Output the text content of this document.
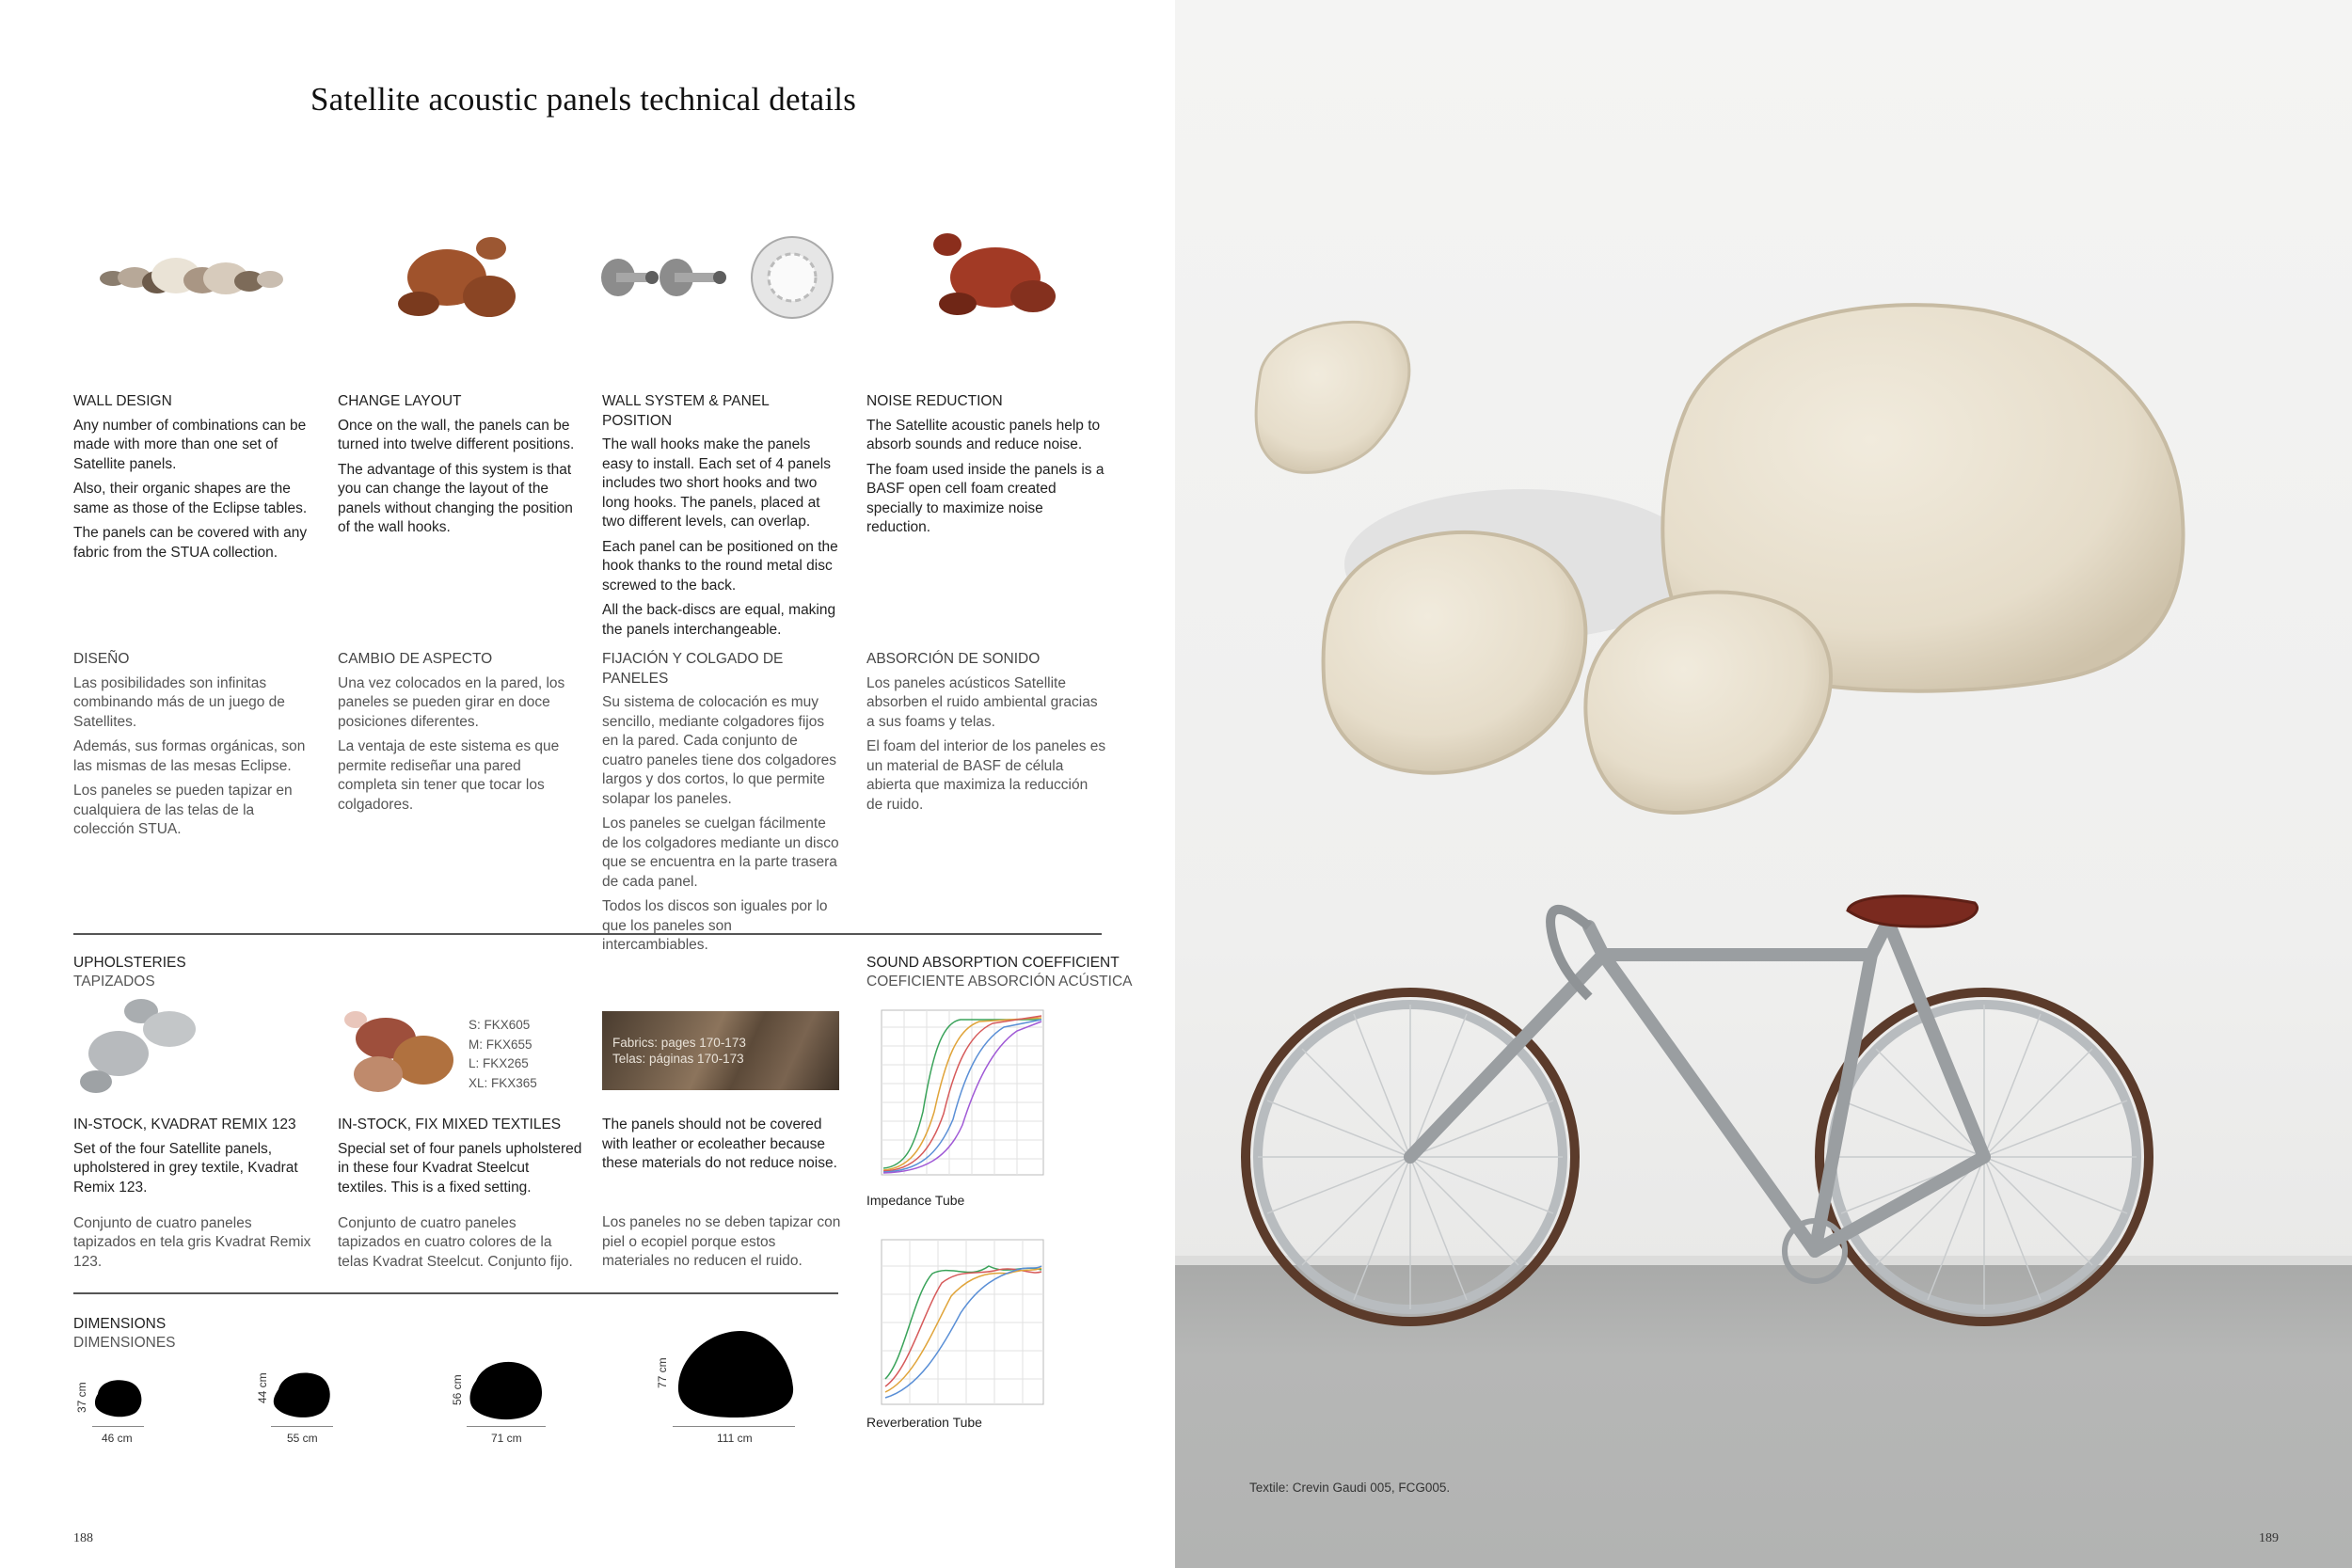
Satellite acoustic panels technical details
WALL DESIGN

Any number of combinations can be made with more than one set of Satellite panels.

Also, their organic shapes are the same as those of the Eclipse tables.

The panels can be covered with any fabric from the STUA collection.

CHANGE LAYOUT

Once on the wall, the panels can be turned into twelve different positions.

The advantage of this system is that you can change the layout of the panels without changing the position of the wall hooks.

WALL SYSTEM & PANEL POSITION

The wall hooks make the panels easy to install. Each set of 4 panels includes two short hooks and two long hooks. The panels, placed at two different levels, can overlap.

Each panel can be positioned on the hook thanks to the round metal disc screwed to the back.

All the back-discs are equal, making the panels interchangeable.

NOISE REDUCTION

The Satellite acoustic panels help to absorb sounds and reduce noise.

The foam used inside the panels is a BASF open cell foam created specially to maximize noise reduction.

DISEÑO

Las posibilidades son infinitas combinando más de un juego de Satellites.

Además, sus formas orgánicas, son las mismas de las mesas Eclipse.

Los paneles se pueden tapizar en cualquiera de las telas de la colección STUA.

CAMBIO DE ASPECTO

Una vez colocados en la pared, los paneles se pueden girar en doce posiciones diferentes.

La ventaja de este sistema es que permite rediseñar una pared completa sin tener que tocar los colgadores.

FIJACIÓN Y COLGADO DE PANELES

Su sistema de colocación es muy sencillo, mediante colgadores fijos en la pared. Cada conjunto de cuatro paneles tiene dos colgadores largos y dos cortos, lo que permite solapar los paneles.

Los paneles se cuelgan fácilmente de los colgadores mediante un disco que se encuentra en la parte trasera de cada panel.

Todos los discos son iguales por lo que los paneles son intercambiables.

ABSORCIÓN DE SONIDO

Los paneles acústicos Satellite absorben el ruido ambiental gracias a sus foams y telas.

El foam del interior de los paneles es un material de BASF de célula abierta que maximiza la reducción de ruido.

UPHOLSTERIES
TAPIZADOS
S: FKX605
M: FKX655
L: FKX265
XL: FKX365
Fabrics: pages 170-173
Telas: páginas 170-173
IN-STOCK, KVADRAT REMIX 123
Set of the four Satellite panels, upholstered in grey textile, Kvadrat Remix 123.
Conjunto de cuatro paneles tapizados en tela gris Kvadrat Remix 123.
IN-STOCK, FIX MIXED TEXTILES
Special set of four panels upholstered in these four Kvadrat Steelcut textiles. This is a fixed setting.
Conjunto de cuatro paneles tapizados en cuatro colores de la telas Kvadrat Steelcut. Conjunto fijo.
The panels should not be covered with leather or ecoleather because these materials do not reduce noise.
Los paneles no se deben tapizar con piel o ecopiel porque estos materiales no reducen el ruido.
SOUND ABSORPTION COEFFICIENT
COEFICIENTE ABSORCIÓN ACÚSTICA
Impedance Tube
Reverberation Tube
DIMENSIONS
DIMENSIONES
46 cm	55 cm	71 cm	111 cm
37 cm	44 cm	56 cm
77 cm
188
Textile: Crevin Gaudi 005, FCG005.
189
